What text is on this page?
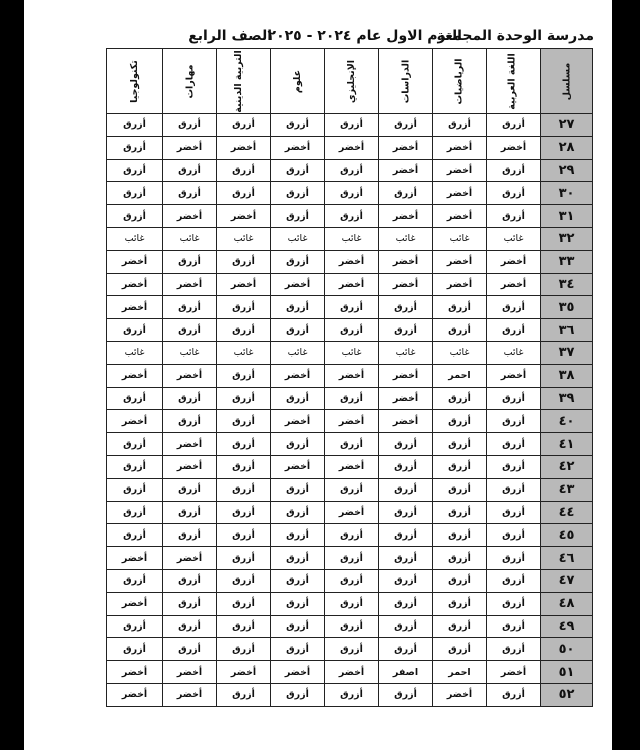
مدرسة الوحدة المجمعة
الترم الاول عام ٢٠٢٤ - ٢٠٢٥
الصف الرابع
مسلسل	اللغة العربية	الرياضيات	الدراسات	الإنجليزي	علوم	التربية الدينية	مهارات	تكنولوجيا
٢٧	أزرق	أزرق	أزرق	أزرق	أزرق	أزرق	أزرق	أزرق
٢٨	أخضر	أخضر	أخضر	أخضر	أخضر	أخضر	أخضر	أزرق
٢٩	أزرق	أخضر	أخضر	أزرق	أزرق	أزرق	أزرق	أزرق
٣٠	أزرق	أخضر	أزرق	أزرق	أزرق	أزرق	أزرق	أزرق
٣١	أزرق	أخضر	أخضر	أزرق	أزرق	أخضر	أخضر	أزرق
٣٢	غائب	غائب	غائب	غائب	غائب	غائب	غائب	غائب
٣٣	أخضر	أخضر	أخضر	أخضر	أزرق	أزرق	أزرق	أخضر
٣٤	أخضر	أخضر	أخضر	أخضر	أخضر	أخضر	أخضر	أخضر
٣٥	أزرق	أزرق	أزرق	أزرق	أزرق	أزرق	أزرق	أخضر
٣٦	أزرق	أزرق	أزرق	أزرق	أزرق	أزرق	أزرق	أزرق
٣٧	غائب	غائب	غائب	غائب	غائب	غائب	غائب	غائب
٣٨	أخضر	احمر	أخضر	أخضر	أخضر	أزرق	أخضر	أخضر
٣٩	أزرق	أزرق	أخضر	أزرق	أزرق	أزرق	أزرق	أزرق
٤٠	أزرق	أزرق	أخضر	أخضر	أخضر	أزرق	أزرق	أخضر
٤١	أزرق	أزرق	أزرق	أزرق	أزرق	أزرق	أخضر	أزرق
٤٢	أزرق	أزرق	أزرق	أخضر	أخضر	أزرق	أخضر	أزرق
٤٣	أزرق	أزرق	أزرق	أزرق	أزرق	أزرق	أزرق	أزرق
٤٤	أزرق	أزرق	أزرق	أخضر	أزرق	أزرق	أزرق	أزرق
٤٥	أزرق	أزرق	أزرق	أزرق	أزرق	أزرق	أزرق	أزرق
٤٦	أزرق	أزرق	أزرق	أزرق	أزرق	أزرق	أخضر	أخضر
٤٧	أزرق	أزرق	أزرق	أزرق	أزرق	أزرق	أزرق	أزرق
٤٨	أزرق	أزرق	أزرق	أزرق	أزرق	أزرق	أزرق	أخضر
٤٩	أزرق	أزرق	أزرق	أزرق	أزرق	أزرق	أزرق	أزرق
٥٠	أزرق	أزرق	أزرق	أزرق	أزرق	أزرق	أزرق	أزرق
٥١	أخضر	احمر	اصفر	أخضر	أخضر	أخضر	أخضر	أخضر
٥٢	أزرق	أخضر	أزرق	أزرق	أزرق	أزرق	أخضر	أخضر
